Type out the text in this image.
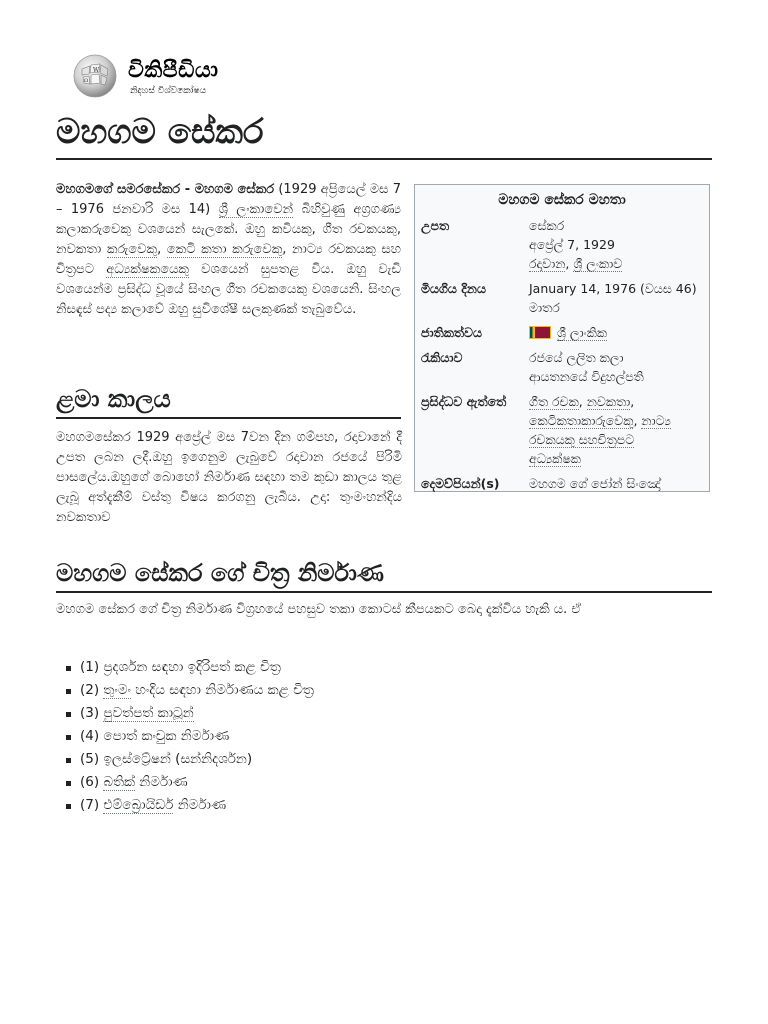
W
Ω විකිපීඩියා
නිදහස් විශ්වකෝෂය
මහගම සේකර
මහගමගේ සමරසේකර - මහගම සේකර (1929 අප්‍රියෙල් මස 7 – 1976 ජනවාරි මස 14) ශ්‍රී ලංකාවෙන් බිහිවුණු අග්‍රගණ්‍ය කලාකරුවෙකු වශයෙන් සැලකේ. ඔහු කවියකු, ගීත රචකයකු, නවකතා කරුවෙකු, කෙටි කතා කරුවෙකු, නාට්‍ය රචකයකු සහ චිත්‍රපට අධ්‍යක්ෂකයෙකු වශයෙන් සුපතළ විය. ඔහු වැඩි වශයෙන්ම ප්‍රසිද්ධ වූයේ සිංහල ගීත රචකයෙකු වශයෙනි. සිංහල නිසඳැස් පද්‍ය කලාවේ ඔහු සුවිශේෂී සලකුණක් තැබුවේය.
මහගම සේකර මහතා
උපත	සේකර
අප්‍රේල් 7, 1929
රදාවාන, ශ්‍රී ලංකාව
මියගිය දිනය	January 14, 1976 (වයස 46)
මාතර
ජාතිකත්වය	ශ්‍රී ලාංකික
රැකියාව	රජයේ ලලිත කලා
ආයතනයේ විදුහල්පති
ප්‍රසිද්ධව ඇත්තේ	ගීත රචක, නවකතා,
කෙටිකතාකාරුවෙකු, නාට්‍ය
රචකයකු සහචිත්‍රපට
අධ්‍යක්ෂක
දෙමව්පියන්(s)	මහගම ගේ ජෝන් සිංඤෝ
ළමා කාලය
මහගමසේකර 1929 අප්‍රේල් මස 7වන දින ගම්පහ, රදාවානේ දී උපත ලබන ලදී.ඔහු ඉගෙනුම ලැබුවේ රදාවාන රජයේ පිරිමි පාසලේය.ඔහුගේ බොහෝ නිර්මාණ සඳහා තම කුඩා කාලය තුළ ලැබූ අත්දැකීම් වස්තු විෂය කරගනු ලැබීය. උදා: තුංමංහන්දිය නවකතාව
මහගම සේකර ගේ චිත්‍ර නිර්මාණ
මහගම සේකර ගේ චිත්‍ර නිර්මාණ විග්‍රහයේ පහසුව තකා කොටස් කීපයකට බෙදා දැක්විය හැකි ය. ඒ
(1) ප්‍රදර්ශන සඳහා ඉදිරිපත් කළ චිත්‍ර
(2) තුංමං හංදිය සඳහා නිර්මාණය කළ චිත්‍ර
(3) පුවත්පත් කාටූන්
(4) පොත් කංචුක නිර්මාණ
(5) ඉලස්ට්‍රේෂන් (සන්නිදර්ශන)
(6) බතික් නිර්මාණ
(7) එම්බ්‍රොයිඩර් නිර්මාණ
